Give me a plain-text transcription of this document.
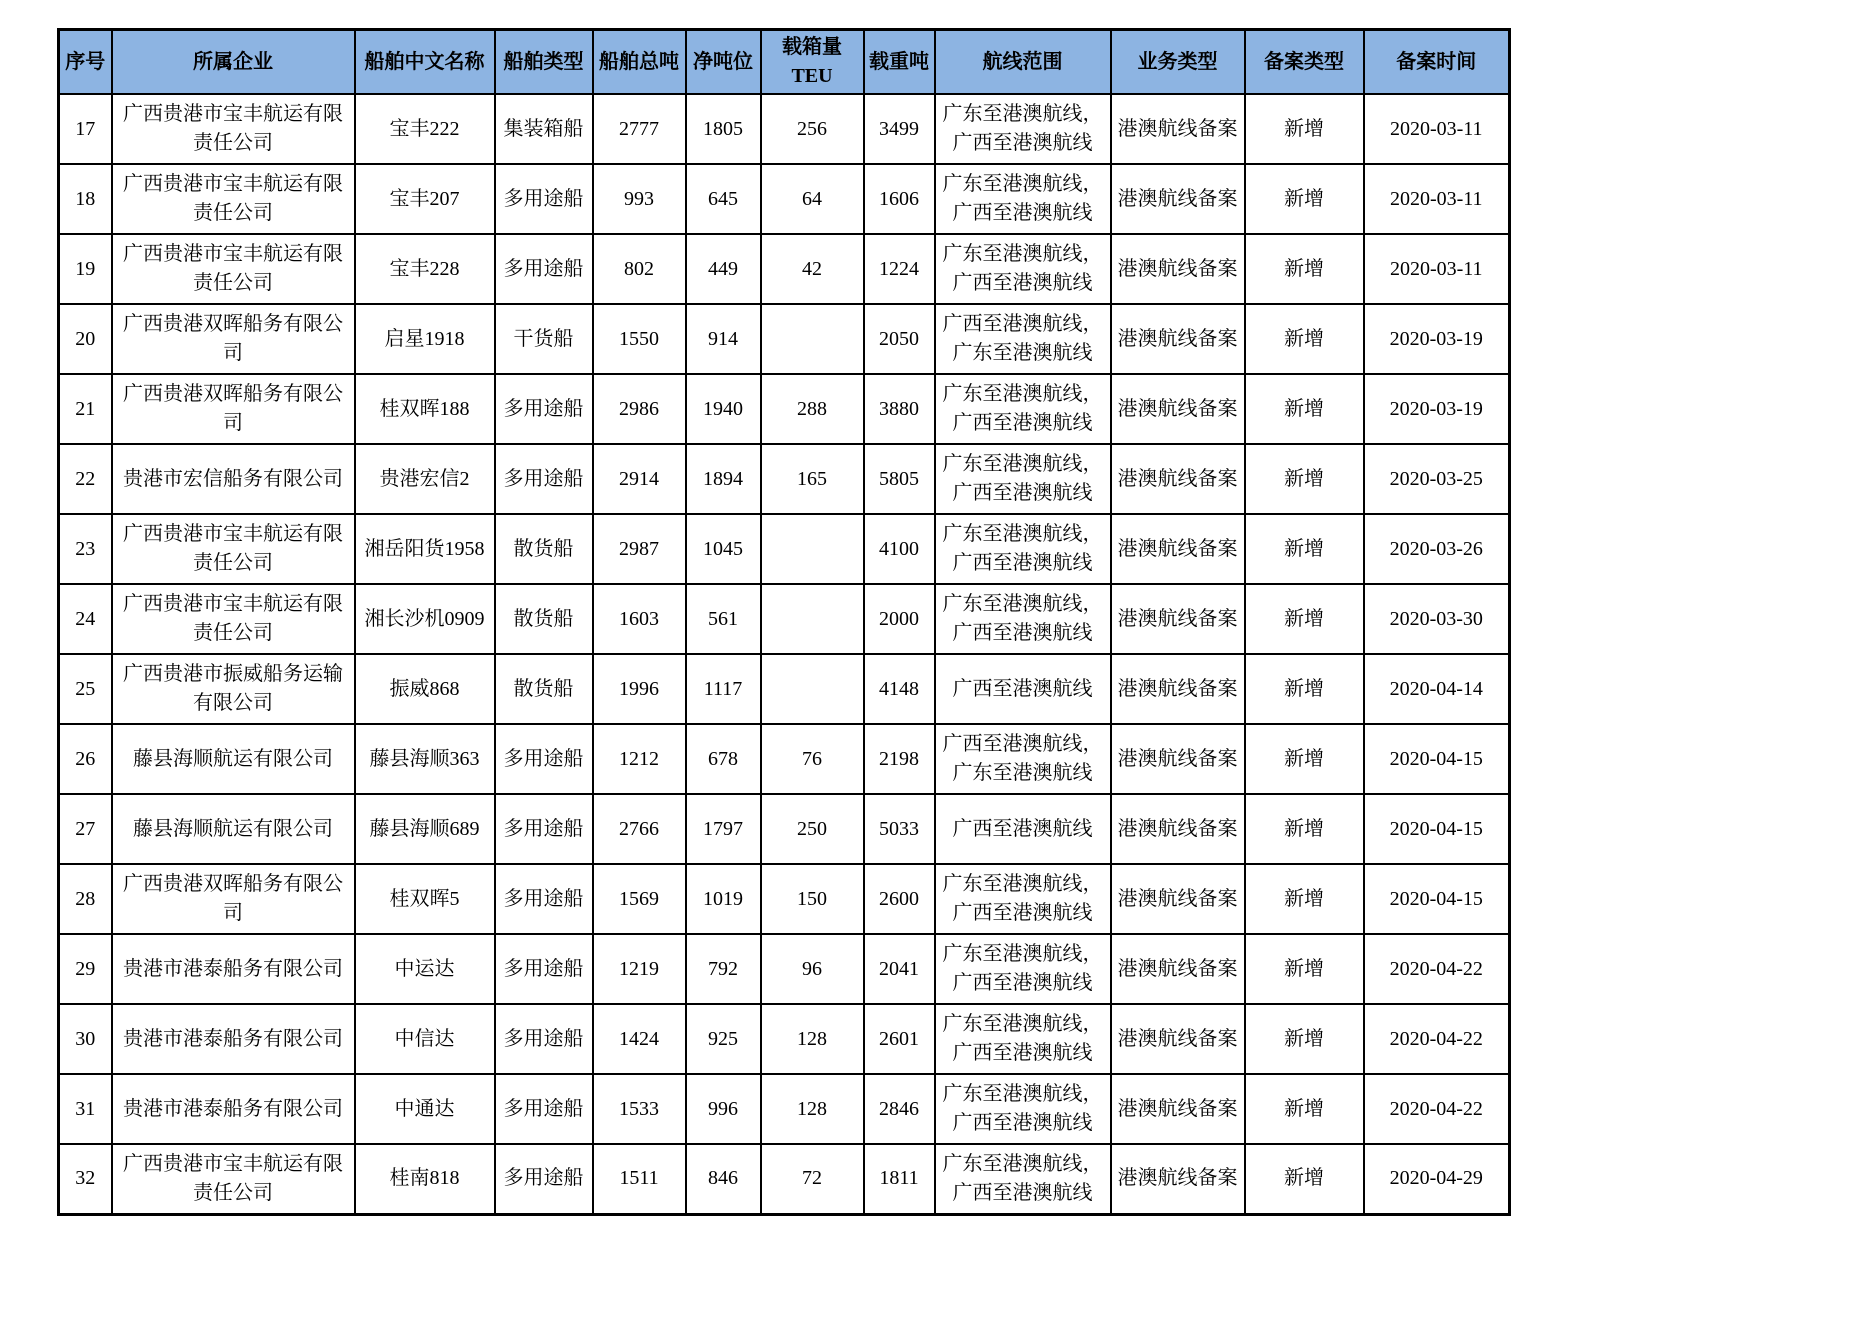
序号	所属企业	船舶中文名称	船舶类型	船舶总吨	净吨位	载箱量TEU	载重吨	航线范围	业务类型	备案类型	备案时间
17	广西贵港市宝丰航运有限责任公司	宝丰222	集装箱船	2777	1805	256	3499	广东至港澳航线，广西至港澳航线	港澳航线备案	新增	2020-03-11
18	广西贵港市宝丰航运有限责任公司	宝丰207	多用途船	993	645	64	1606	广东至港澳航线，广西至港澳航线	港澳航线备案	新增	2020-03-11
19	广西贵港市宝丰航运有限责任公司	宝丰228	多用途船	802	449	42	1224	广东至港澳航线，广西至港澳航线	港澳航线备案	新增	2020-03-11
20	广西贵港双晖船务有限公司	启星1918	干货船	1550	914		2050	广西至港澳航线，广东至港澳航线	港澳航线备案	新增	2020-03-19
21	广西贵港双晖船务有限公司	桂双晖188	多用途船	2986	1940	288	3880	广东至港澳航线，广西至港澳航线	港澳航线备案	新增	2020-03-19
22	贵港市宏信船务有限公司	贵港宏信2	多用途船	2914	1894	165	5805	广东至港澳航线，广西至港澳航线	港澳航线备案	新增	2020-03-25
23	广西贵港市宝丰航运有限责任公司	湘岳阳货1958	散货船	2987	1045		4100	广东至港澳航线，广西至港澳航线	港澳航线备案	新增	2020-03-26
24	广西贵港市宝丰航运有限责任公司	湘长沙机0909	散货船	1603	561		2000	广东至港澳航线，广西至港澳航线	港澳航线备案	新增	2020-03-30
25	广西贵港市振威船务运输有限公司	振威868	散货船	1996	1117		4148	广西至港澳航线	港澳航线备案	新增	2020-04-14
26	藤县海顺航运有限公司	藤县海顺363	多用途船	1212	678	76	2198	广西至港澳航线，广东至港澳航线	港澳航线备案	新增	2020-04-15
27	藤县海顺航运有限公司	藤县海顺689	多用途船	2766	1797	250	5033	广西至港澳航线	港澳航线备案	新增	2020-04-15
28	广西贵港双晖船务有限公司	桂双晖5	多用途船	1569	1019	150	2600	广东至港澳航线，广西至港澳航线	港澳航线备案	新增	2020-04-15
29	贵港市港泰船务有限公司	中运达	多用途船	1219	792	96	2041	广东至港澳航线，广西至港澳航线	港澳航线备案	新增	2020-04-22
30	贵港市港泰船务有限公司	中信达	多用途船	1424	925	128	2601	广东至港澳航线，广西至港澳航线	港澳航线备案	新增	2020-04-22
31	贵港市港泰船务有限公司	中通达	多用途船	1533	996	128	2846	广东至港澳航线，广西至港澳航线	港澳航线备案	新增	2020-04-22
32	广西贵港市宝丰航运有限责任公司	桂南818	多用途船	1511	846	72	1811	广东至港澳航线，广西至港澳航线	港澳航线备案	新增	2020-04-29
